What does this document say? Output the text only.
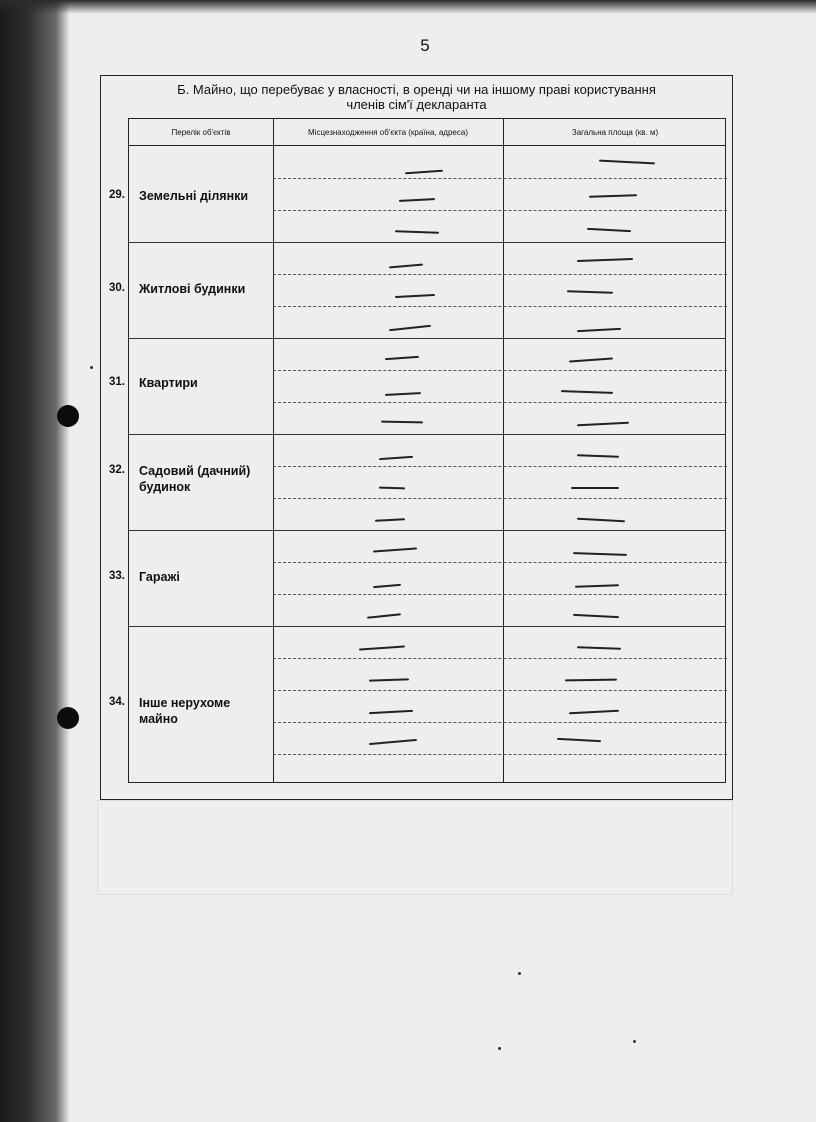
5
Б. Майно, що перебуває у власності, в оренді чи на іншому праві користування
членів сім'ї декларанта
Перелік об'єктів	Місцезнаходження об'єкта (країна, адреса)	Загальна площа (кв. м)
29.	Земельні ділянки
30.	Житлові будинки
31.	Квартири
32.	Садовий (дачний) будинок
33.	Гаражі
34.	Інше нерухоме майно
